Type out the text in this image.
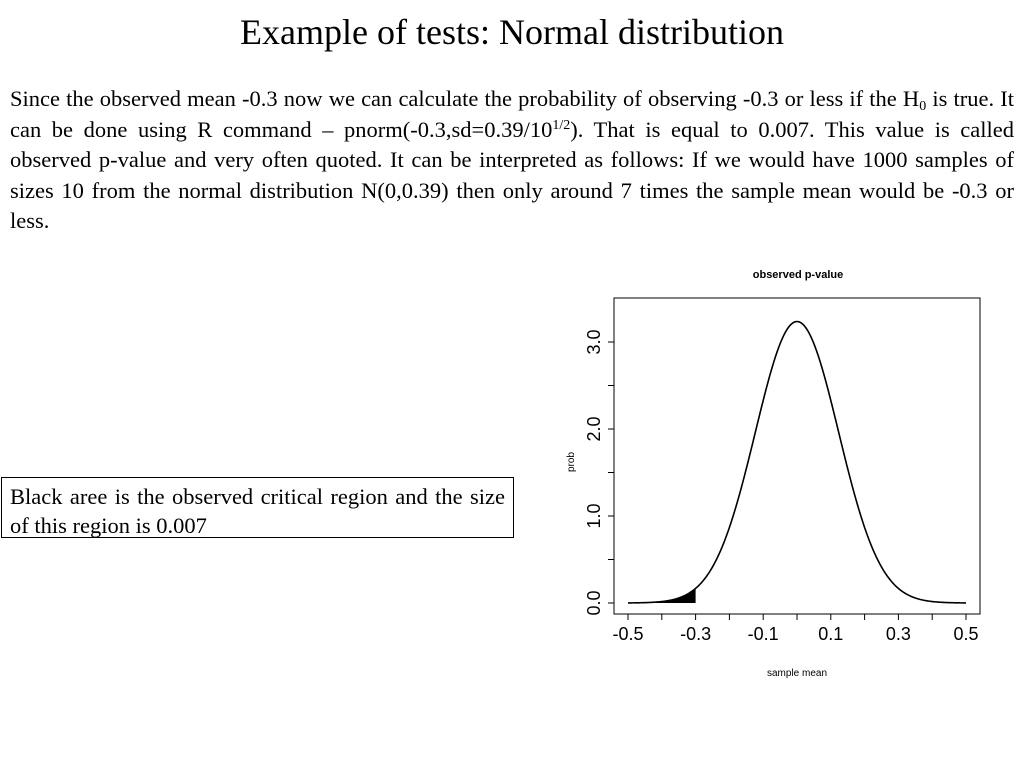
Example of tests: Normal distribution

Since the observed mean -0.3 now we can calculate the probability of observing -0.3 or less if the $H_0$ is true. It can be done using R command – $pnorm(-0.3,sd=0.39/10^{1/2})$. That is equal to 0.007. This value is called observed p-value and very often quoted. It can be interpreted as follows: If we would have 1000 samples of sizes 10 from the normal distribution N(0,0.39) then only around 7 times the sample mean would be -0.3 or less.

Black aree is the observed critical region and the size of this region is 0.007
observed p-value
-0.5 -0.3 -0.1 0.1 0.3 0.5
0.0
1.0
2.0
3.0
sample mean
prob
